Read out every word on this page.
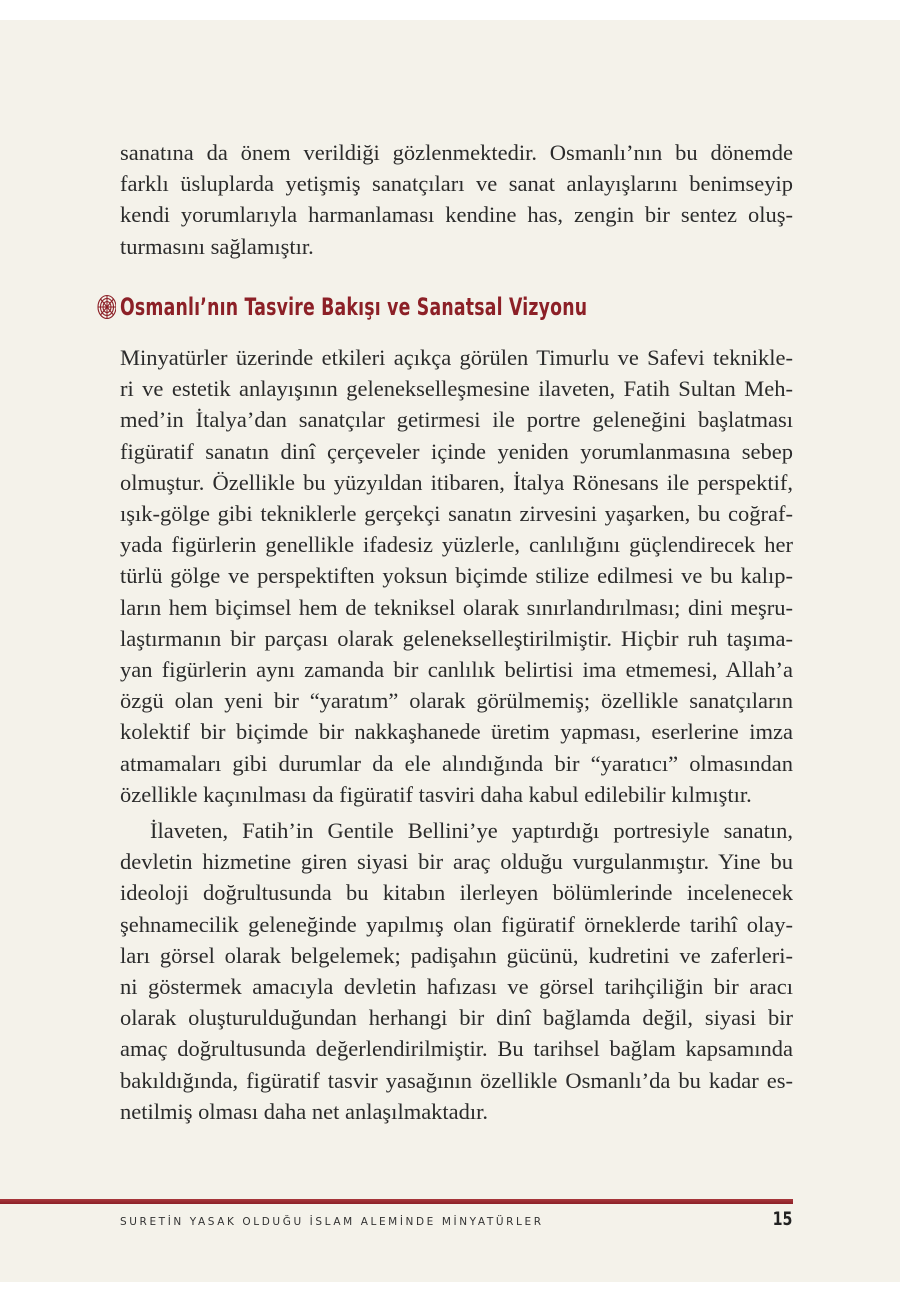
sanatına da önem verildiği gözlenmektedir. Osmanlı’nın bu dönemde
farklı üsluplarda yetişmiş sanatçıları ve sanat anlayışlarını benimseyip
kendi yorumlarıyla harmanlaması kendine has, zengin bir sentez oluş-
turmasını sağlamıştır.

Osmanlı’nın Tasvire Bakışı ve Sanatsal Vizyonu

Minyatürler üzerinde etkileri açıkça görülen Timurlu ve Safevi teknikle-
ri ve estetik anlayışının gelenekselleşmesine ilaveten, Fatih Sultan Meh-
med’in İtalya’dan sanatçılar getirmesi ile portre geleneğini başlatması
figüratif sanatın dinî çerçeveler içinde yeniden yorumlanmasına sebep
olmuştur. Özellikle bu yüzyıldan itibaren, İtalya Rönesans ile perspektif,
ışık-gölge gibi tekniklerle gerçekçi sanatın zirvesini yaşarken, bu coğraf-
yada figürlerin genellikle ifadesiz yüzlerle, canlılığını güçlendirecek her
türlü gölge ve perspektiften yoksun biçimde stilize edilmesi ve bu kalıp-
ların hem biçimsel hem de tekniksel olarak sınırlandırılması; dini meşru-
laştırmanın bir parçası olarak gelenekselleştirilmiştir. Hiçbir ruh taşıma-
yan figürlerin aynı zamanda bir canlılık belirtisi ima etmemesi, Allah’a
özgü olan yeni bir “yaratım” olarak görülmemiş; özellikle sanatçıların
kolektif bir biçimde bir nakkaşhanede üretim yapması, eserlerine imza
atmamaları gibi durumlar da ele alındığında bir “yaratıcı” olmasından
özellikle kaçınılması da figüratif tasviri daha kabul edilebilir kılmıştır.

İlaveten, Fatih’in Gentile Bellini’ye yaptırdığı portresiyle sanatın,
devletin hizmetine giren siyasi bir araç olduğu vurgulanmıştır. Yine bu
ideoloji doğrultusunda bu kitabın ilerleyen bölümlerinde incelenecek
şehnamecilik geleneğinde yapılmış olan figüratif örneklerde tarihî olay-
ları görsel olarak belgelemek; padişahın gücünü, kudretini ve zaferleri-
ni göstermek amacıyla devletin hafızası ve görsel tarihçiliğin bir aracı
olarak oluşturulduğundan herhangi bir dinî bağlamda değil, siyasi bir
amaç doğrultusunda değerlendirilmiştir. Bu tarihsel bağlam kapsamında
bakıldığında, figüratif tasvir yasağının özellikle Osmanlı’da bu kadar es-
netilmiş olması daha net anlaşılmaktadır.

SURETİN YASAK OLDUĞU İSLAM ALEMİNDE MİNYATÜRLER	15
